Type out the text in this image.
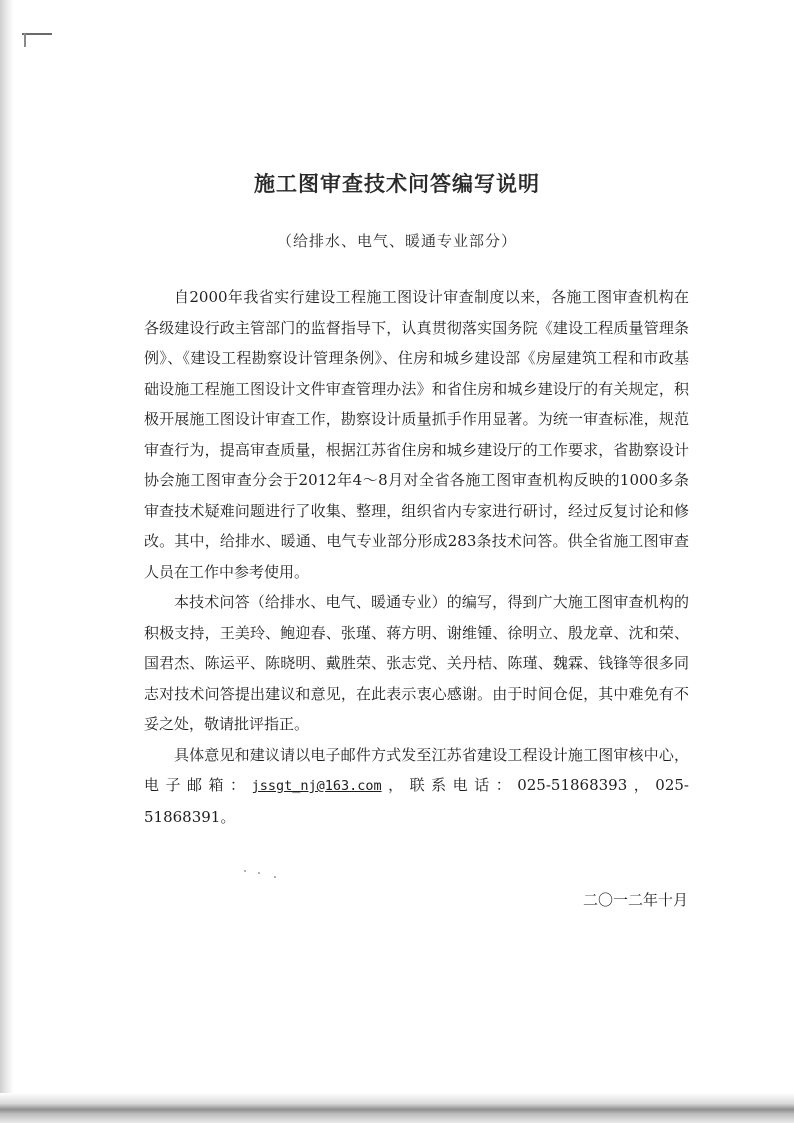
施工图审查技术问答编写说明
（给排水、电气、暖通专业部分）

自2000年我省实行建设工程施工图设计审查制度以来，各施工图审查机构在各级建设行政主管部门的监督指导下，认真贯彻落实国务院《建设工程质量管理条例》、《建设工程勘察设计管理条例》、住房和城乡建设部《房屋建筑工程和市政基础设施工程施工图设计文件审查管理办法》和省住房和城乡建设厅的有关规定，积极开展施工图设计审查工作，勘察设计质量抓手作用显著。为统一审查标准，规范审查行为，提高审查质量，根据江苏省住房和城乡建设厅的工作要求，省勘察设计协会施工图审查分会于2012年4～8月对全省各施工图审查机构反映的1000多条审查技术疑难问题进行了收集、整理，组织省内专家进行研讨，经过反复讨论和修改。其中，给排水、暖通、电气专业部分形成283条技术问答。供全省施工图审查人员在工作中参考使用。

本技术问答（给排水、电气、暖通专业）的编写，得到广大施工图审查机构的积极支持，王美玲、鲍迎春、张瑾、蒋方明、谢维锺、徐明立、殷龙章、沈和荣、国君杰、陈运平、陈晓明、戴胜荣、张志党、关丹桔、陈瑾、魏霖、钱锋等很多同志对技术问答提出建议和意见，在此表示衷心感谢。由于时间仓促，其中难免有不妥之处，敬请批评指正。

具体意见和建议请以电子邮件方式发至江苏省建设工程设计施工图审核中心，电子邮箱：jssgt_nj@163.com，联系电话：025-51868393，025-51868391。

二〇一二年十月
